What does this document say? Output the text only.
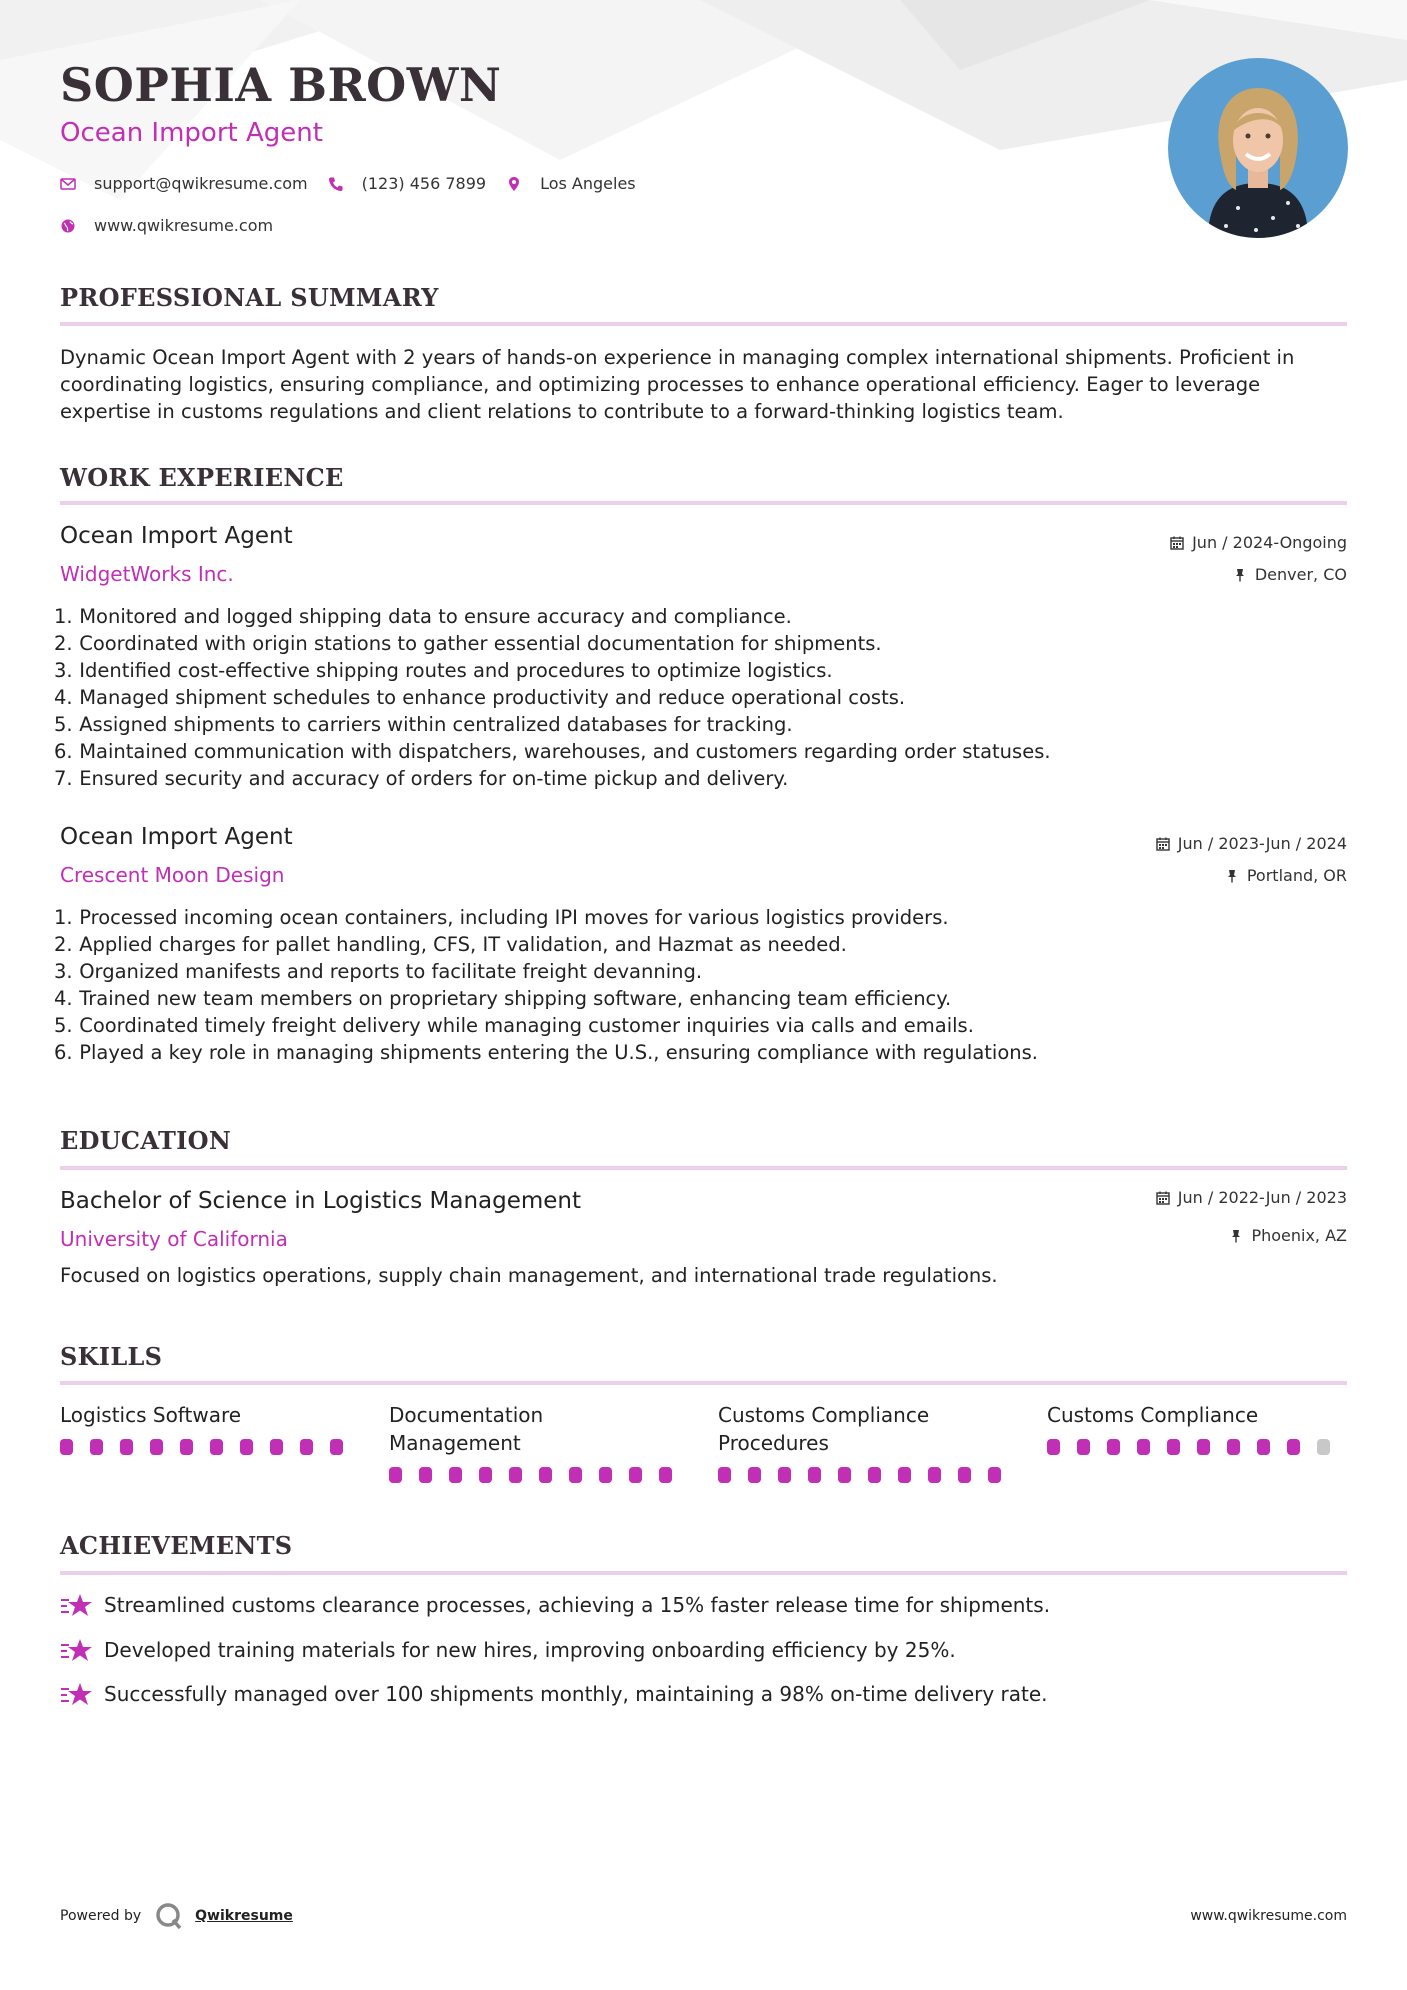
SOPHIA BROWN
Ocean Import Agent
support@qwikresume.com	(123) 456 7899	Los Angeles
www.qwikresume.com
PROFESSIONAL SUMMARY
Dynamic Ocean Import Agent with 2 years of hands-on experience in managing complex international shipments. Proficient in coordinating logistics, ensuring compliance, and optimizing processes to enhance operational efficiency. Eager to leverage expertise in customs regulations and client relations to contribute to a forward-thinking logistics team.
WORK EXPERIENCE
Ocean Import Agent
WidgetWorks Inc.
Jun / 2024-Ongoing
Denver, CO
1. Monitored and logged shipping data to ensure accuracy and compliance.
2. Coordinated with origin stations to gather essential documentation for shipments.
3. Identified cost-effective shipping routes and procedures to optimize logistics.
4. Managed shipment schedules to enhance productivity and reduce operational costs.
5. Assigned shipments to carriers within centralized databases for tracking.
6. Maintained communication with dispatchers, warehouses, and customers regarding order statuses.
7. Ensured security and accuracy of orders for on-time pickup and delivery.
Ocean Import Agent
Crescent Moon Design
Jun / 2023-Jun / 2024
Portland, OR
1. Processed incoming ocean containers, including IPI moves for various logistics providers.
2. Applied charges for pallet handling, CFS, IT validation, and Hazmat as needed.
3. Organized manifests and reports to facilitate freight devanning.
4. Trained new team members on proprietary shipping software, enhancing team efficiency.
5. Coordinated timely freight delivery while managing customer inquiries via calls and emails.
6. Played a key role in managing shipments entering the U.S., ensuring compliance with regulations.
EDUCATION
Bachelor of Science in Logistics Management
University of California
Jun / 2022-Jun / 2023
Phoenix, AZ
Focused on logistics operations, supply chain management, and international trade regulations.
SKILLS
Logistics Software	Documentation Management
Customs Compliance Procedures
Customs Compliance
ACHIEVEMENTS
Streamlined customs clearance processes, achieving a 15% faster release time for shipments.
Developed training materials for new hires, improving onboarding efficiency by 25%.
Successfully managed over 100 shipments monthly, maintaining a 98% on-time delivery rate.
Powered by	Qwikresume	www.qwikresume.com
